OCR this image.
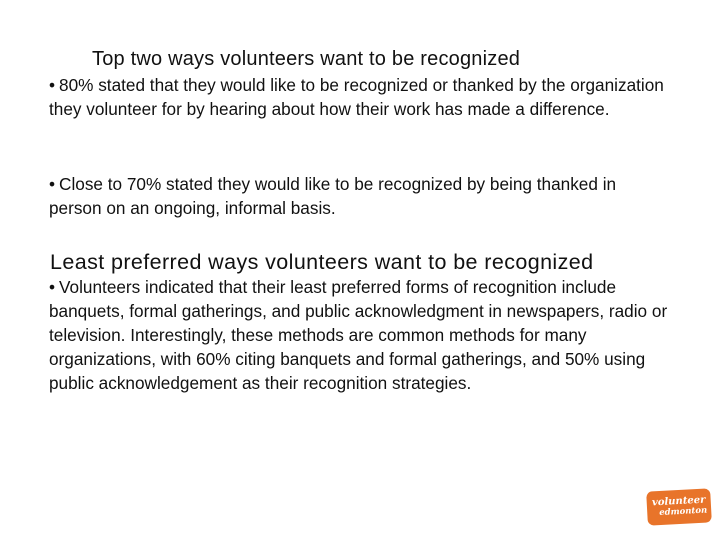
Top two ways volunteers want to be recognized

• 80% stated that they would like to be recognized or thanked by the organization they volunteer for by hearing about how their work has made a difference.

• Close to 70% stated they would like to be recognized by being thanked in person on an ongoing, informal basis.

Least preferred ways volunteers want to be recognized

• Volunteers indicated that their least preferred forms of recognition include banquets, formal gatherings, and public acknowledgment in newspapers, radio or television. Interestingly, these methods are common methods for many organizations, with 60% citing banquets and formal gatherings, and 50% using public acknowledgement as their recognition strategies.

volunteer
edmonton
